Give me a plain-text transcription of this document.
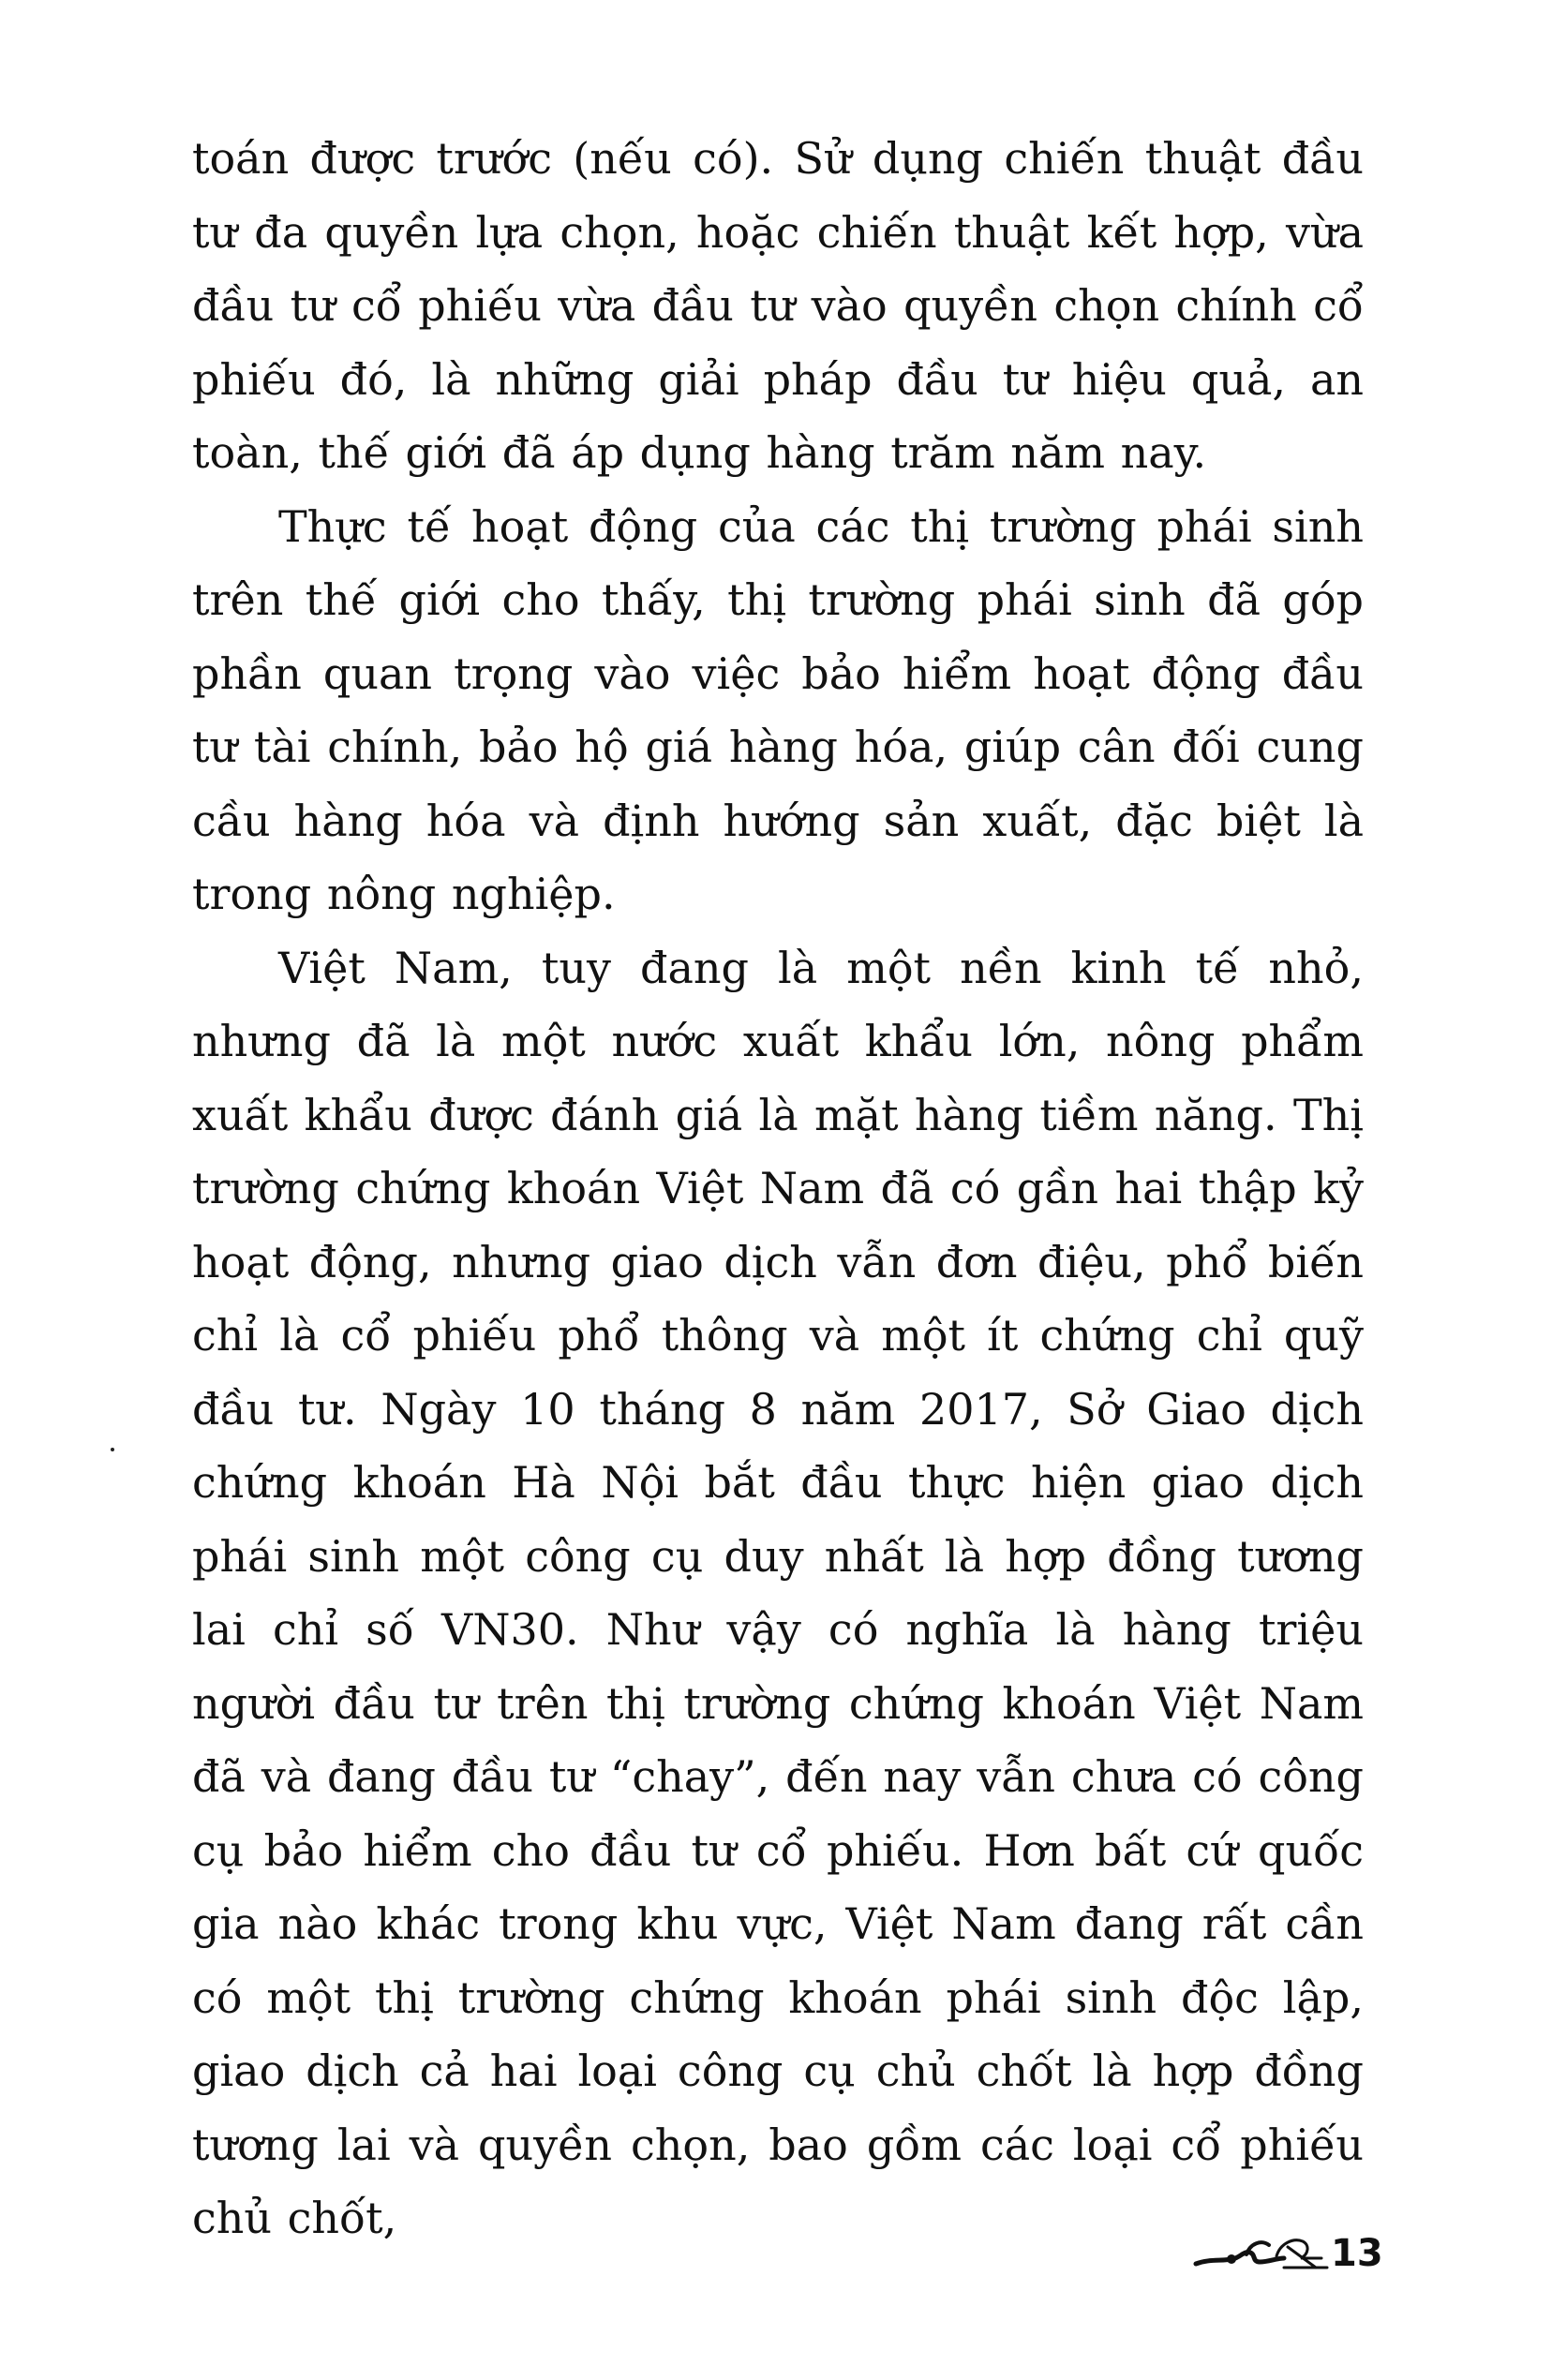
toán được trước (nếu có). Sử dụng chiến thuật đầu tư đa quyền lựa chọn, hoặc chiến thuật kết hợp, vừa đầu tư cổ phiếu vừa đầu tư vào quyền chọn chính cổ phiếu đó, là những giải pháp đầu tư hiệu quả, an toàn, thế giới đã áp dụng hàng trăm năm nay.

Thực tế hoạt động của các thị trường phái sinh trên thế giới cho thấy, thị trường phái sinh đã góp phần quan trọng vào việc bảo hiểm hoạt động đầu tư tài chính, bảo hộ giá hàng hóa, giúp cân đối cung cầu hàng hóa và định hướng sản xuất, đặc biệt là trong nông nghiệp.

Việt Nam, tuy đang là một nền kinh tế nhỏ, nhưng đã là một nước xuất khẩu lớn, nông phẩm xuất khẩu được đánh giá là mặt hàng tiềm năng. Thị trường chứng khoán Việt Nam đã có gần hai thập kỷ hoạt động, nhưng giao dịch vẫn đơn điệu, phổ biến chỉ là cổ phiếu phổ thông và một ít chứng chỉ quỹ đầu tư. Ngày 10 tháng 8 năm 2017, Sở Giao dịch chứng khoán Hà Nội bắt đầu thực hiện giao dịch phái sinh một công cụ duy nhất là hợp đồng tương lai chỉ số VN30. Như vậy có nghĩa là hàng triệu người đầu tư trên thị trường chứng khoán Việt Nam đã và đang đầu tư “chay”, đến nay vẫn chưa có công cụ bảo hiểm cho đầu tư cổ phiếu. Hơn bất cứ quốc gia nào khác trong khu vực, Việt Nam đang rất cần có một thị trường chứng khoán phái sinh độc lập, giao dịch cả hai loại công cụ chủ chốt là hợp đồng tương lai và quyền chọn, bao gồm các loại cổ phiếu chủ chốt,

13
